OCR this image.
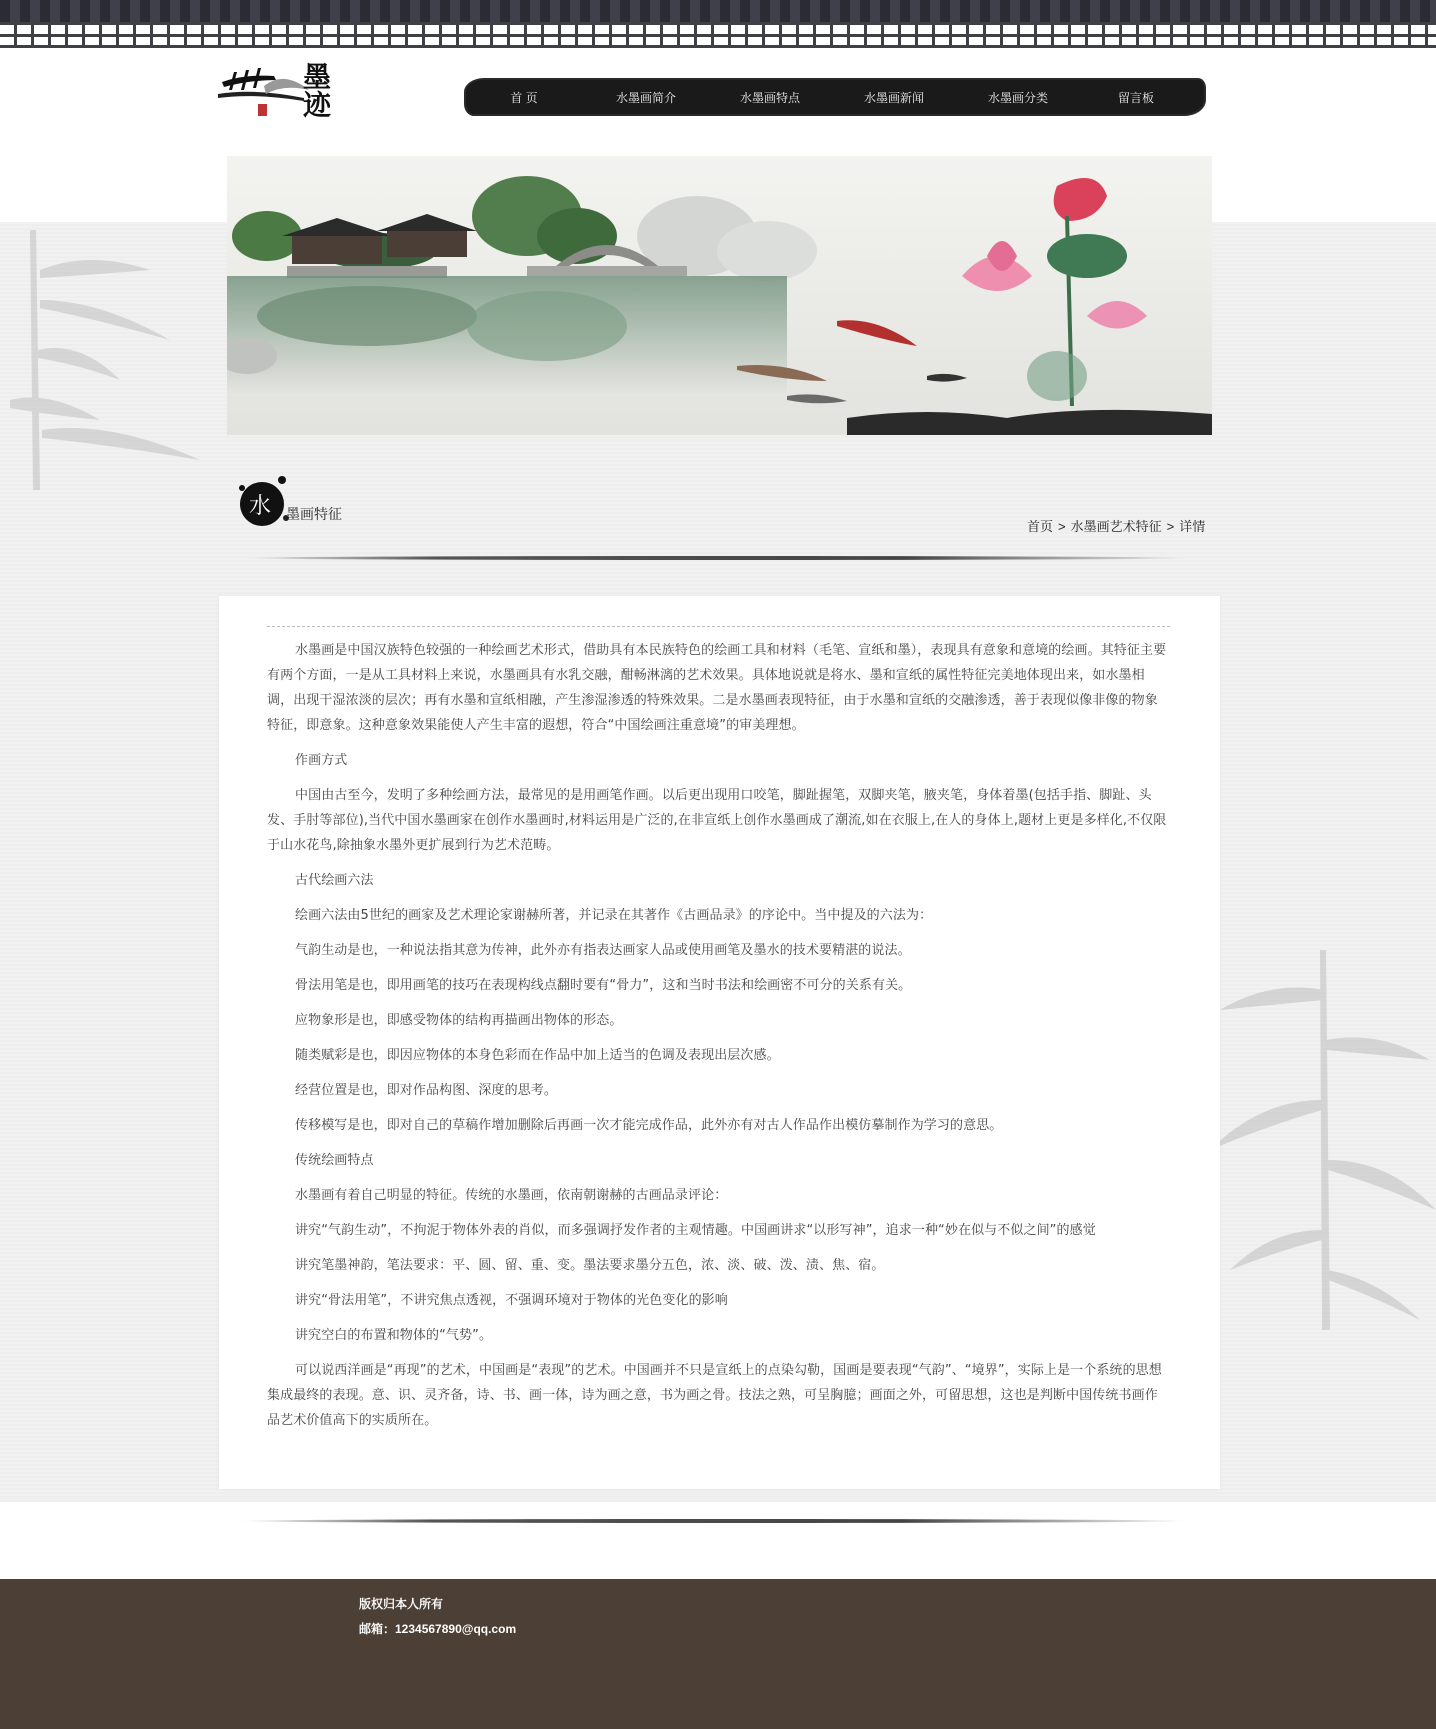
墨迹	首 页	水墨画简介	水墨画特点	水墨画新闻	水墨画分类	留言板
水 墨画特征
首页 > 水墨画艺术特征 > 详情

水墨画是中国汉族特色较强的一种绘画艺术形式，借助具有本民族特色的绘画工具和材料（毛笔、宣纸和墨），表现具有意象和意境的绘画。其特征主要有两个方面，一是从工具材料上来说，水墨画具有水乳交融，酣畅淋漓的艺术效果。具体地说就是将水、墨和宣纸的属性特征完美地体现出来，如水墨相调，出现干湿浓淡的层次；再有水墨和宣纸相融，产生渗湿渗透的特殊效果。二是水墨画表现特征，由于水墨和宣纸的交融渗透，善于表现似像非像的物象特征，即意象。这种意象效果能使人产生丰富的遐想，符合“中国绘画注重意境”的审美理想。

作画方式

中国由古至今，发明了多种绘画方法，最常见的是用画笔作画。以后更出现用口咬笔，脚趾握笔，双脚夹笔，腋夹笔，身体着墨(包括手指、脚趾、头发、手肘等部位),当代中国水墨画家在创作水墨画时,材料运用是广泛的,在非宣纸上创作水墨画成了潮流,如在衣服上,在人的身体上,题材上更是多样化,不仅限于山水花鸟,除抽象水墨外更扩展到行为艺术范畴。

古代绘画六法

绘画六法由5世纪的画家及艺术理论家谢赫所著，并记录在其著作《古画品录》的序论中。当中提及的六法为：

气韵生动是也，一种说法指其意为传神，此外亦有指表达画家人品或使用画笔及墨水的技术要精湛的说法。

骨法用笔是也，即用画笔的技巧在表现构线点翻时要有“骨力”，这和当时书法和绘画密不可分的关系有关。

应物象形是也，即感受物体的结构再描画出物体的形态。

随类赋彩是也，即因应物体的本身色彩而在作品中加上适当的色调及表现出层次感。

经营位置是也，即对作品构图、深度的思考。

传移模写是也，即对自己的草稿作增加删除后再画一次才能完成作品，此外亦有对古人作品作出模仿摹制作为学习的意思。

传统绘画特点

水墨画有着自己明显的特征。传统的水墨画，依南朝谢赫的古画品录评论：

讲究“气韵生动”，不拘泥于物体外表的肖似，而多强调抒发作者的主观情趣。中国画讲求“以形写神”，追求一种“妙在似与不似之间”的感觉

讲究笔墨神韵，笔法要求：平、圆、留、重、变。墨法要求墨分五色，浓、淡、破、泼、渍、焦、宿。

讲究“骨法用笔”，不讲究焦点透视，不强调环境对于物体的光色变化的影响

讲究空白的布置和物体的“气势”。

可以说西洋画是“再现”的艺术，中国画是“表现”的艺术。中国画并不只是宣纸上的点染勾勒，国画是要表现“气韵”、“境界”，实际上是一个系统的思想集成最终的表现。意、识、灵齐备，诗、书、画一体，诗为画之意，书为画之骨。技法之熟，可呈胸臆；画面之外，可留思想，这也是判断中国传统书画作品艺术价值高下的实质所在。

版权归本人所有
邮箱：1234567890@qq.com
